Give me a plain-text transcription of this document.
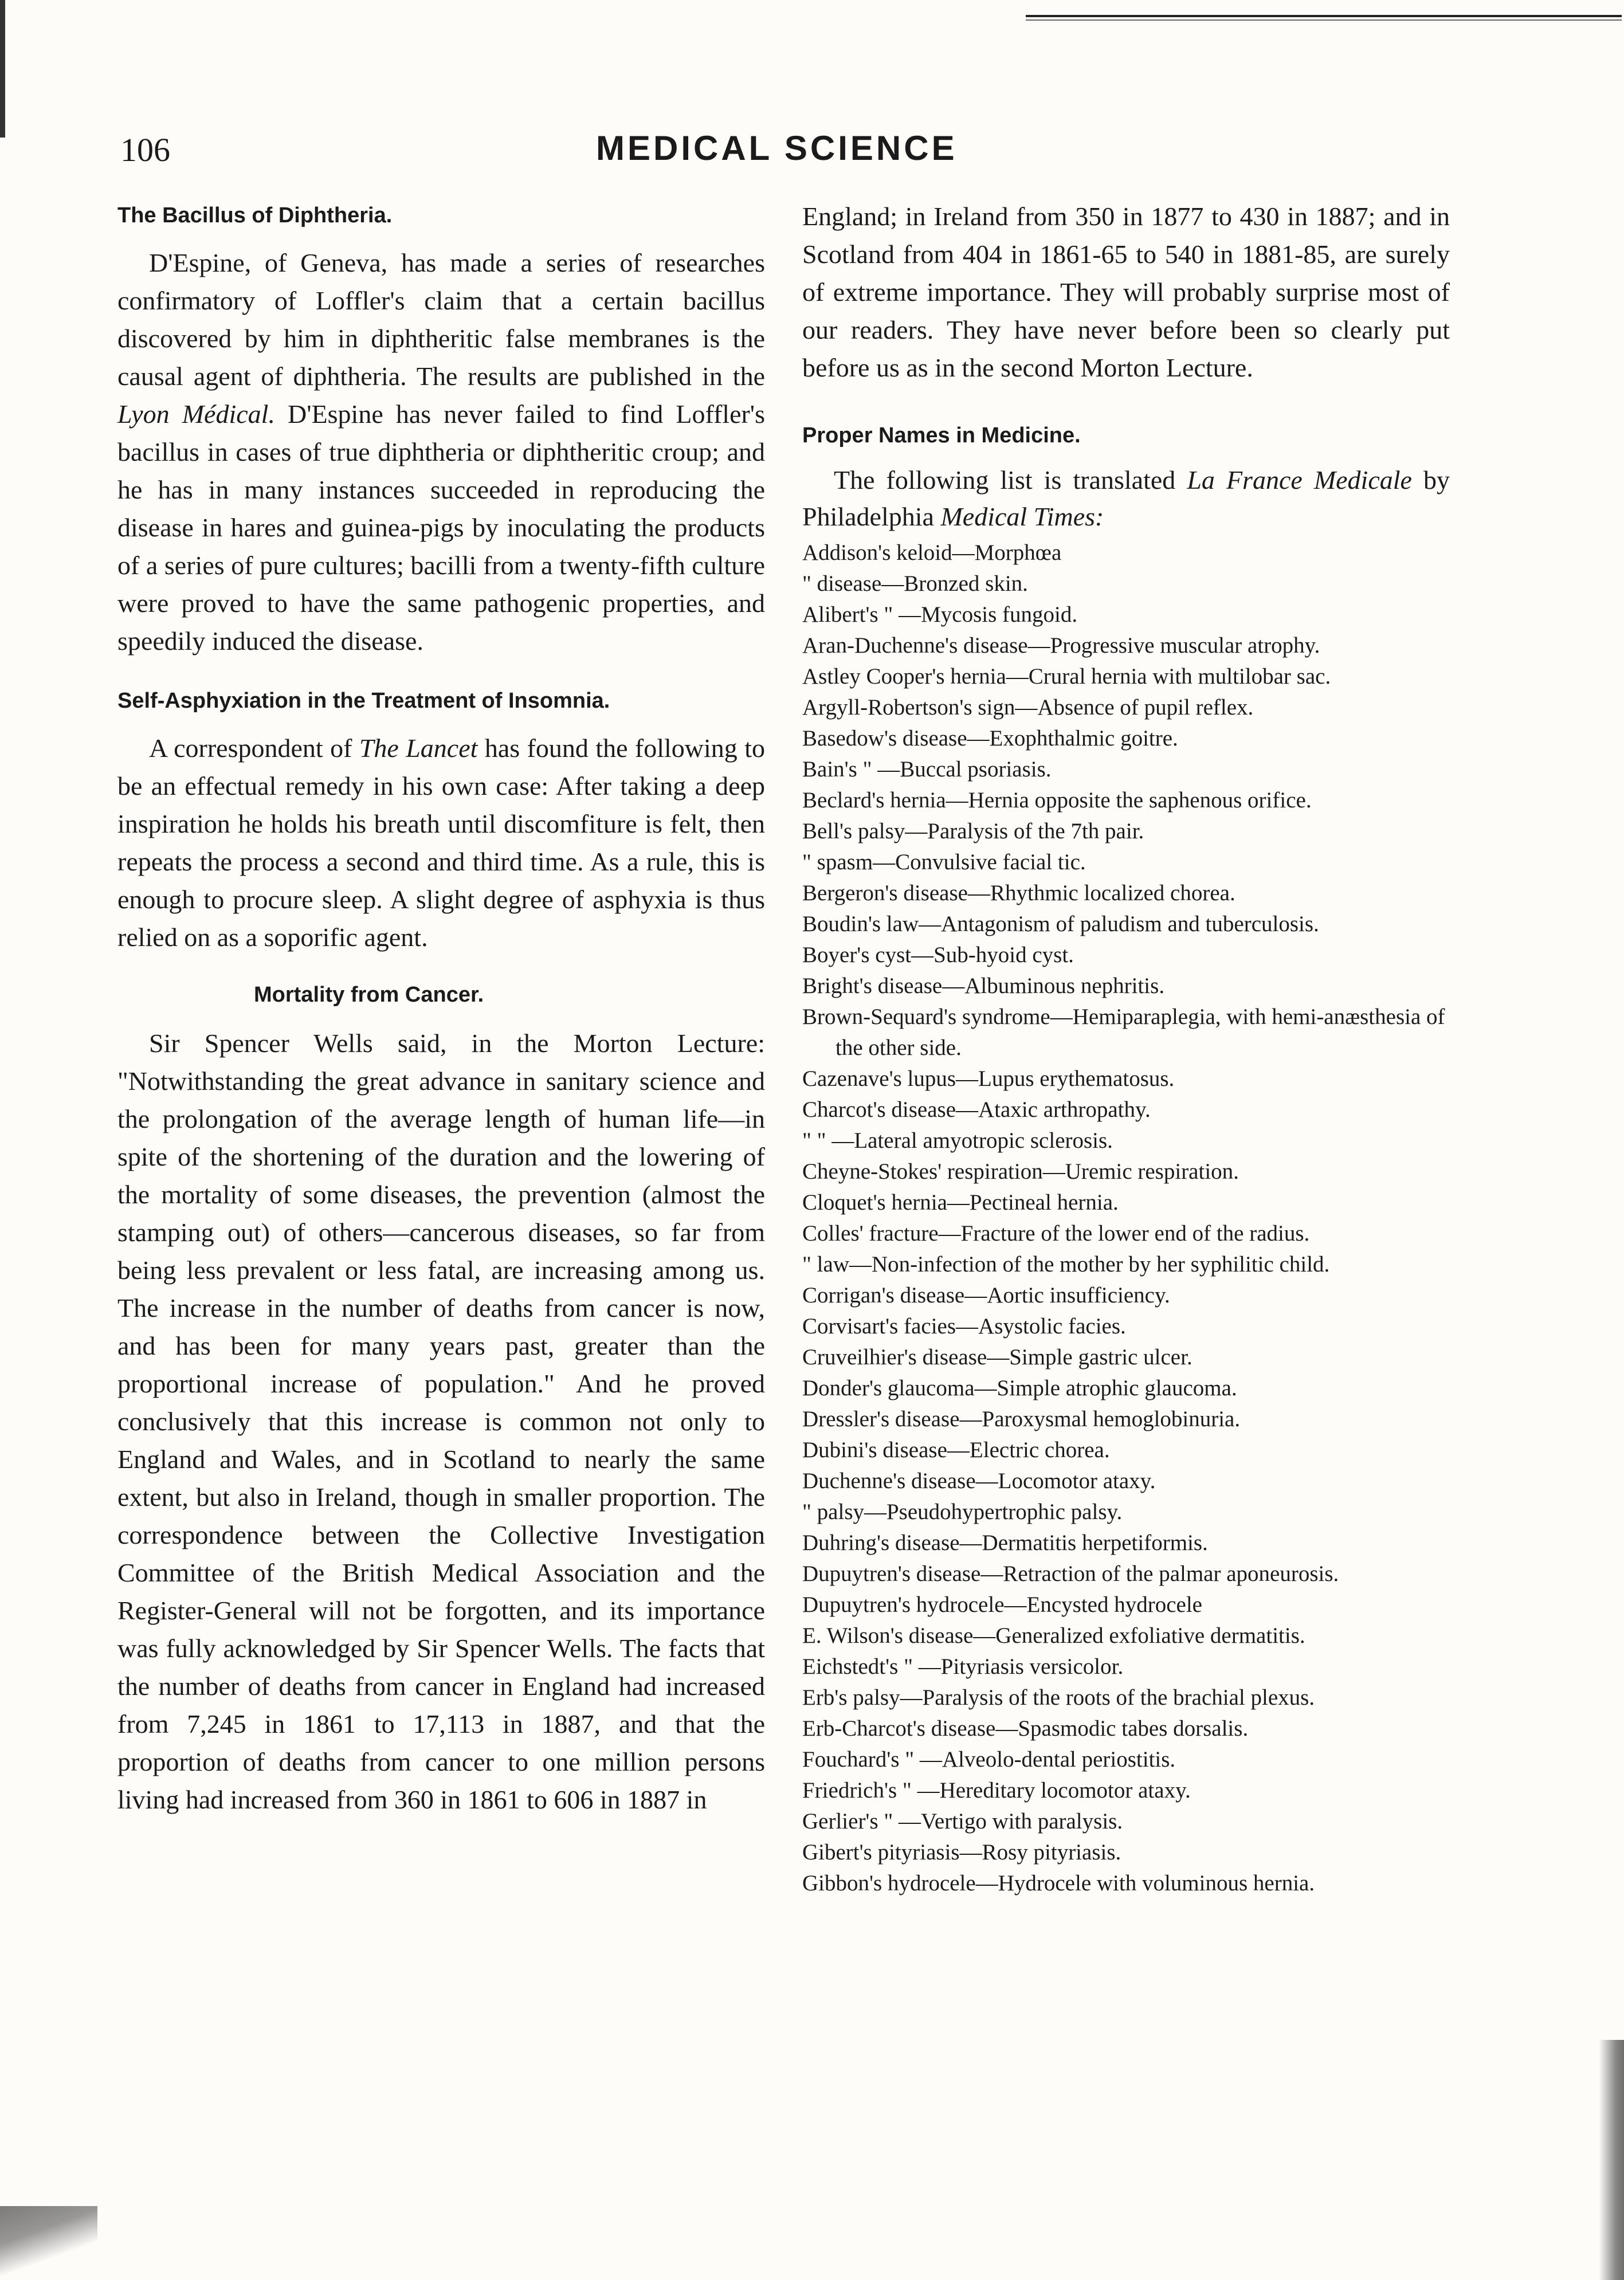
106	MEDICAL SCIENCE
The Bacillus of Diphtheria.

D'Espine, of Geneva, has made a series of researches confirmatory of Loffler's claim that a certain bacillus discovered by him in diphtheritic false membranes is the causal agent of diphtheria. The results are published in the Lyon Médical. D'Espine has never failed to find Loffler's bacillus in cases of true diphtheria or diphtheritic croup; and he has in many instances succeeded in reproducing the disease in hares and guinea-pigs by inoculating the products of a series of pure cultures; bacilli from a twenty-fifth culture were proved to have the same pathogenic properties, and speedily induced the disease.

Self-Asphyxiation in the Treatment of Insomnia.

A correspondent of The Lancet has found the following to be an effectual remedy in his own case: After taking a deep inspiration he holds his breath until discomfiture is felt, then repeats the process a second and third time. As a rule, this is enough to procure sleep. A slight degree of asphyxia is thus relied on as a soporific agent.

Mortality from Cancer.

Sir Spencer Wells said, in the Morton Lecture: "Notwithstanding the great advance in sanitary science and the prolongation of the average length of human life—in spite of the shortening of the duration and the lowering of the mortality of some diseases, the prevention (almost the stamping out) of others—cancerous diseases, so far from being less prevalent or less fatal, are increasing among us. The increase in the number of deaths from cancer is now, and has been for many years past, greater than the proportional increase of population." And he proved conclusively that this increase is common not only to England and Wales, and in Scotland to nearly the same extent, but also in Ireland, though in smaller proportion. The correspondence between the Collective Investigation Committee of the British Medical Association and the Register-General will not be forgotten, and its importance was fully acknowledged by Sir Spencer Wells. The facts that the number of deaths from cancer in England had increased from 7,245 in 1861 to 17,113 in 1887, and that the proportion of deaths from cancer to one million persons living had increased from 360 in 1861 to 606 in 1887 in

England; in Ireland from 350 in 1877 to 430 in 1887; and in Scotland from 404 in 1861-65 to 540 in 1881-85, are surely of extreme importance. They will probably surprise most of our readers. They have never before been so clearly put before us as in the second Morton Lecture.

Proper Names in Medicine.

The following list is translated La France Medicale by Philadelphia Medical Times:

Addison's keloid—Morphœa
" disease—Bronzed skin.
Alibert's " —Mycosis fungoid.
Aran-Duchenne's disease—Progressive muscular atrophy.
Astley Cooper's hernia—Crural hernia with multilobar sac.
Argyll-Robertson's sign—Absence of pupil reflex.
Basedow's disease—Exophthalmic goitre.
Bain's " —Buccal psoriasis.
Beclard's hernia—Hernia opposite the saphenous orifice.
Bell's palsy—Paralysis of the 7th pair.
" spasm—Convulsive facial tic.
Bergeron's disease—Rhythmic localized chorea.
Boudin's law—Antagonism of paludism and tuberculosis.
Boyer's cyst—Sub-hyoid cyst.
Bright's disease—Albuminous nephritis.
Brown-Sequard's syndrome—Hemiparaplegia, with hemi-anæsthesia of the other side.
Cazenave's lupus—Lupus erythematosus.
Charcot's disease—Ataxic arthropathy.
" " —Lateral amyotropic sclerosis.
Cheyne-Stokes' respiration—Uremic respiration.
Cloquet's hernia—Pectineal hernia.
Colles' fracture—Fracture of the lower end of the radius.
" law—Non-infection of the mother by her syphilitic child.
Corrigan's disease—Aortic insufficiency.
Corvisart's facies—Asystolic facies.
Cruveilhier's disease—Simple gastric ulcer.
Donder's glaucoma—Simple atrophic glaucoma.
Dressler's disease—Paroxysmal hemoglobinuria.
Dubini's disease—Electric chorea.
Duchenne's disease—Locomotor ataxy.
" palsy—Pseudohypertrophic palsy.
Duhring's disease—Dermatitis herpetiformis.
Dupuytren's disease—Retraction of the palmar aponeurosis.
Dupuytren's hydrocele—Encysted hydrocele
E. Wilson's disease—Generalized exfoliative dermatitis.
Eichstedt's " —Pityriasis versicolor.
Erb's palsy—Paralysis of the roots of the brachial plexus.
Erb-Charcot's disease—Spasmodic tabes dorsalis.
Fouchard's " —Alveolo-dental periostitis.
Friedrich's " —Hereditary locomotor ataxy.
Gerlier's " —Vertigo with paralysis.
Gibert's pityriasis—Rosy pityriasis.
Gibbon's hydrocele—Hydrocele with voluminous hernia.
